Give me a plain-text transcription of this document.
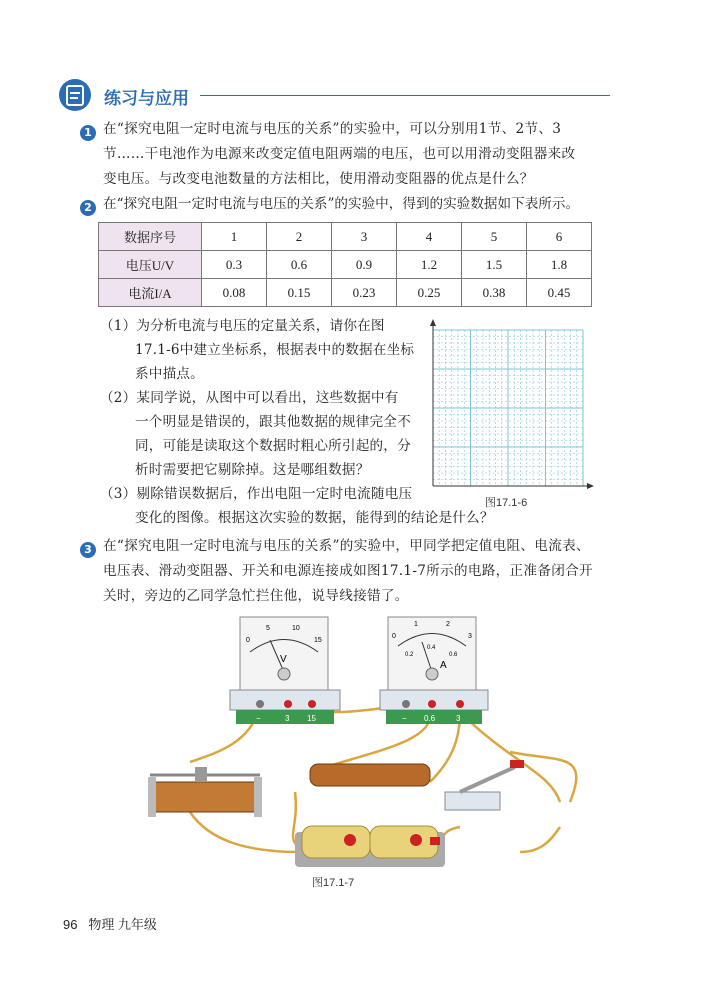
练习与应用
1 在“探究电阻一定时电流与电压的关系”的实验中，可以分别用1节、2节、3
节……干电池作为电源来改变定值电阻两端的电压，也可以用滑动变阻器来改
变电压。与改变电池数量的方法相比，使用滑动变阻器的优点是什么？
2 在“探究电阻一定时电流与电压的关系”的实验中，得到的实验数据如下表所示。
数据序号	1	2	3	4	5	6
电压U/V	0.3	0.6	0.9	1.2	1.5	1.8
电流I/A	0.08	0.15	0.23	0.25	0.38	0.45
（1）为分析电流与电压的定量关系，请你在图
17.1-6中建立坐标系，根据表中的数据在坐标
系中描点。
（2）某同学说，从图中可以看出，这些数据中有
一个明显是错误的，跟其他数据的规律完全不
同，可能是读取这个数据时粗心所引起的，分
析时需要把它剔除掉。这是哪组数据？
（3）剔除错误数据后，作出电阻一定时电流随电压
变化的图像。根据这次实验的数据，能得到的结论是什么？
图17.1-6
3 在“探究电阻一定时电流与电压的关系”的实验中，甲同学把定值电阻、电流表、
电压表、滑动变阻器、开关和电源连接成如图17.1-7所示的电路，正准备闭合开
关时，旁边的乙同学急忙拦住他，说导线接错了。
0
5	10
15
V
−	3 15
0
1	2
3
0.2
0.4
0.6
A
− 0.6	3
图17.1-7
96 物理 九年级
